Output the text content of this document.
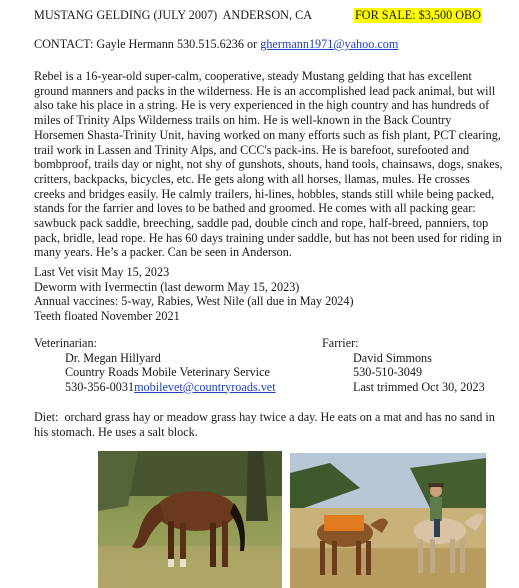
MUSTANG GELDING (JULY 2007)  ANDERSON, CA	FOR SALE: $3,500 OBO
CONTACT: Gayle Hermann 530.515.6236 or ghermann1971@yahoo.com
Rebel is a 16-year-old super-calm, cooperative, steady Mustang gelding that has excellent ground manners and packs in the wilderness. He is an accomplished lead pack animal, but will also take his place in a string. He is very experienced in the high country and has hundreds of miles of Trinity Alps Wilderness trails on him. He is well-known in the Back Country Horsemen Shasta-Trinity Unit, having worked on many efforts such as fish plant, PCT clearing, trail work in Lassen and Trinity Alps, and CCC's pack-ins. He is barefoot, surefooted and bombproof, trails day or night, not shy of gunshots, shouts, hand tools, chainsaws, dogs, snakes, critters, backpacks, bicycles, etc. He gets along with all horses, llamas, mules. He crosses creeks and bridges easily. He calmly trailers, hi-lines, hobbles, stands still while being packed, stands for the farrier and loves to be bathed and groomed. He comes with all packing gear: sawbuck pack saddle, breeching, saddle pad, double cinch and rope, half-breed, panniers, top pack, bridle, lead rope. He has 60 days training under saddle, but has not been used for riding in many years. He’s a packer. Can be seen in Anderson.
Last Vet visit May 15, 2023
Deworm with Ivermectin (last deworm May 15, 2023)
Annual vaccines: 5-way, Rabies, West Nile (all due in May 2024)
Teeth floated November 2021
Veterinarian:
Dr. Megan Hillyard
Country Roads Mobile Veterinary Service
530-356-0031mobilevet@countryroads.vet
Farrier:
David Simmons
530-510-3049
Last trimmed Oct 30, 2023
Diet:  orchard grass hay or meadow grass hay twice a day. He eats on a mat and has no sand in his stomach. He uses a salt block.
